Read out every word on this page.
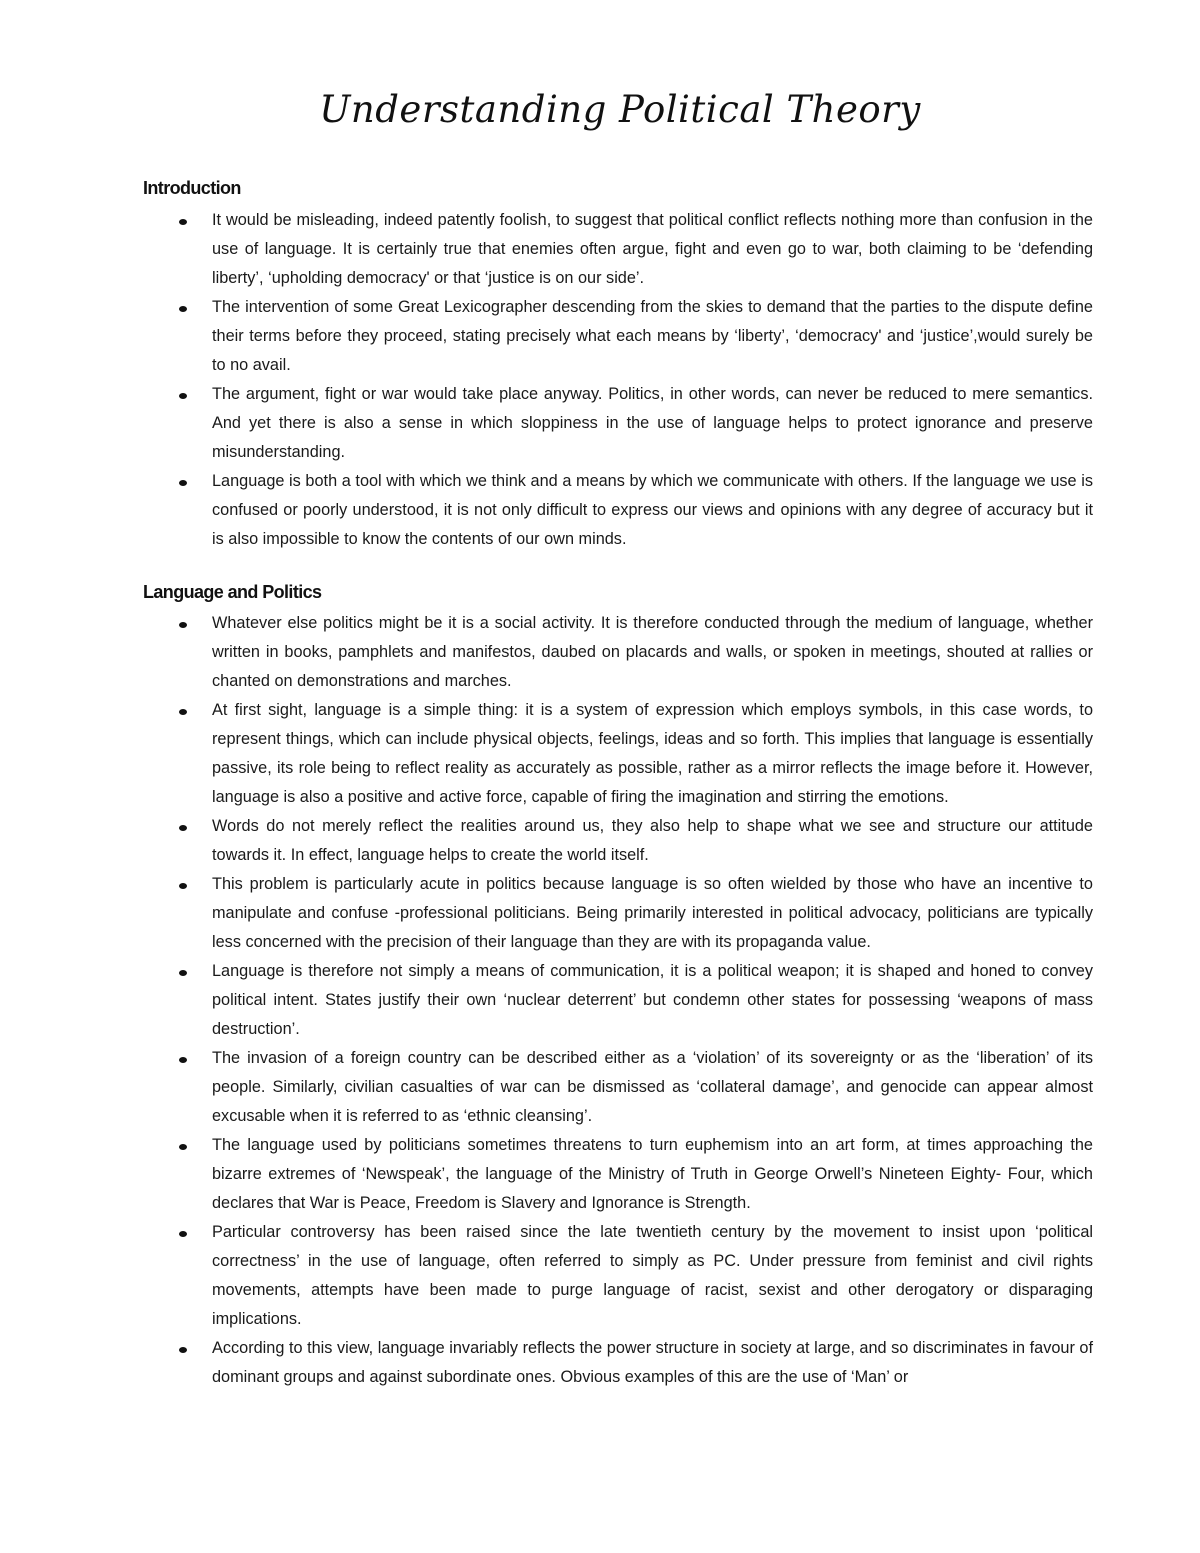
Understanding Political Theory
Introduction
It would be misleading, indeed patently foolish, to suggest that political conflict reflects nothing more than confusion in the use of language. It is certainly true that enemies often argue, fight and even go to war, both claiming to be ‘defending liberty’, ‘upholding democracy' or that ‘justice is on our side’.
The intervention of some Great Lexicographer descending from the skies to demand that the parties to the dispute define their terms before they proceed, stating precisely what each means by ‘liberty’, ‘democracy' and ‘justice’,would surely be to no avail.
The argument, fight or war would take place anyway. Politics, in other words, can never be reduced to mere semantics. And yet there is also a sense in which sloppiness in the use of language helps to protect ignorance and preserve misunderstanding.
Language is both a tool with which we think and a means by which we communicate with others. If the language we use is confused or poorly understood, it is not only difficult to express our views and opinions with any degree of accuracy but it is also impossible to know the contents of our own minds.
Language and Politics
Whatever else politics might be it is a social activity. It is therefore conducted through the medium of language, whether written in books, pamphlets and manifestos, daubed on placards and walls, or spoken in meetings, shouted at rallies or chanted on demonstrations and marches.
At first sight, language is a simple thing: it is a system of expression which employs symbols, in this case words, to represent things, which can include physical objects, feelings, ideas and so forth. This implies that language is essentially passive, its role being to reflect reality as accurately as possible, rather as a mirror reflects the image before it. However, language is also a positive and active force, capable of firing the imagination and stirring the emotions.
Words do not merely reflect the realities around us, they also help to shape what we see and structure our attitude towards it. In effect, language helps to create the world itself.
This problem is particularly acute in politics because language is so often wielded by those who have an incentive to manipulate and confuse -professional politicians. Being primarily interested in political advocacy, politicians are typically less concerned with the precision of their language than they are with its propaganda value.
Language is therefore not simply a means of communication, it is a political weapon; it is shaped and honed to convey political intent. States justify their own ‘nuclear deterrent’ but condemn other states for possessing ‘weapons of mass destruction’.
The invasion of a foreign country can be described either as a ‘violation’ of its sovereignty or as the ‘liberation’ of its people. Similarly, civilian casualties of war can be dismissed as ‘collateral damage’, and genocide can appear almost excusable when it is referred to as ‘ethnic cleansing’.
The language used by politicians sometimes threatens to turn euphemism into an art form, at times approaching the bizarre extremes of ‘Newspeak’, the language of the Ministry of Truth in George Orwell’s Nineteen Eighty- Four, which declares that War is Peace, Freedom is Slavery and Ignorance is Strength.
Particular controversy has been raised since the late twentieth century by the movement to insist upon ‘political correctness’ in the use of language, often referred to simply as PC. Under pressure from feminist and civil rights movements, attempts have been made to purge language of racist, sexist and other derogatory or disparaging implications.
According to this view, language invariably reflects the power structure in society at large, and so discriminates in favour of dominant groups and against subordinate ones. Obvious examples of this are the use of ‘Man’ or
